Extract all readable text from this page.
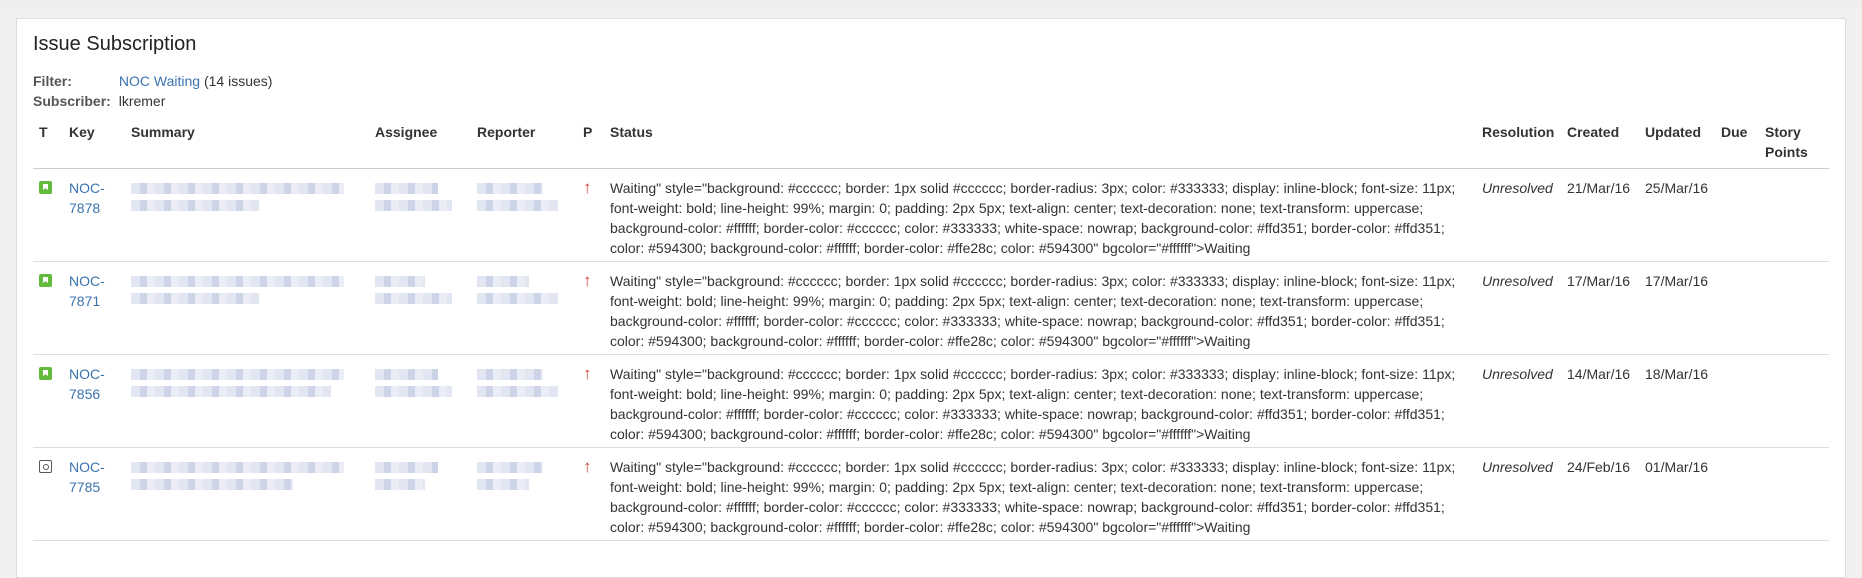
Issue Subscription
Filter:	NOC Waiting (14 issues)
Subscriber: lkremer
T	Key	Summary	Assignee	Reporter	P	Status	Resolution	Created	Updated	Due	Story Points
	NOC-7878				↑	Waiting" style="background: #cccccc; border: 1px solid #cccccc; border-radius: 3px; color: #333333; display: inline-block; font-size: 11px; font-weight: bold; line-height: 99%; margin: 0; padding: 2px 5px; text-align: center; text-decoration: none; text-transform: uppercase; background-color: #ffffff; border-color: #cccccc; color: #333333; white-space: nowrap; background-color: #ffd351; border-color: #ffd351; color: #594300; background-color: #ffffff; border-color: #ffe28c; color: #594300" bgcolor="#ffffff">Waiting	Unresolved	21/Mar/16	25/Mar/16		
	NOC-7871				↑	Waiting" style="background: #cccccc; border: 1px solid #cccccc; border-radius: 3px; color: #333333; display: inline-block; font-size: 11px; font-weight: bold; line-height: 99%; margin: 0; padding: 2px 5px; text-align: center; text-decoration: none; text-transform: uppercase; background-color: #ffffff; border-color: #cccccc; color: #333333; white-space: nowrap; background-color: #ffd351; border-color: #ffd351; color: #594300; background-color: #ffffff; border-color: #ffe28c; color: #594300" bgcolor="#ffffff">Waiting	Unresolved	17/Mar/16	17/Mar/16		
	NOC-7856				↑	Waiting" style="background: #cccccc; border: 1px solid #cccccc; border-radius: 3px; color: #333333; display: inline-block; font-size: 11px; font-weight: bold; line-height: 99%; margin: 0; padding: 2px 5px; text-align: center; text-decoration: none; text-transform: uppercase; background-color: #ffffff; border-color: #cccccc; color: #333333; white-space: nowrap; background-color: #ffd351; border-color: #ffd351; color: #594300; background-color: #ffffff; border-color: #ffe28c; color: #594300" bgcolor="#ffffff">Waiting	Unresolved	14/Mar/16	18/Mar/16		
	NOC-7785				↑	Waiting" style="background: #cccccc; border: 1px solid #cccccc; border-radius: 3px; color: #333333; display: inline-block; font-size: 11px; font-weight: bold; line-height: 99%; margin: 0; padding: 2px 5px; text-align: center; text-decoration: none; text-transform: uppercase; background-color: #ffffff; border-color: #cccccc; color: #333333; white-space: nowrap; background-color: #ffd351; border-color: #ffd351; color: #594300; background-color: #ffffff; border-color: #ffe28c; color: #594300" bgcolor="#ffffff">Waiting	Unresolved	24/Feb/16	01/Mar/16		
